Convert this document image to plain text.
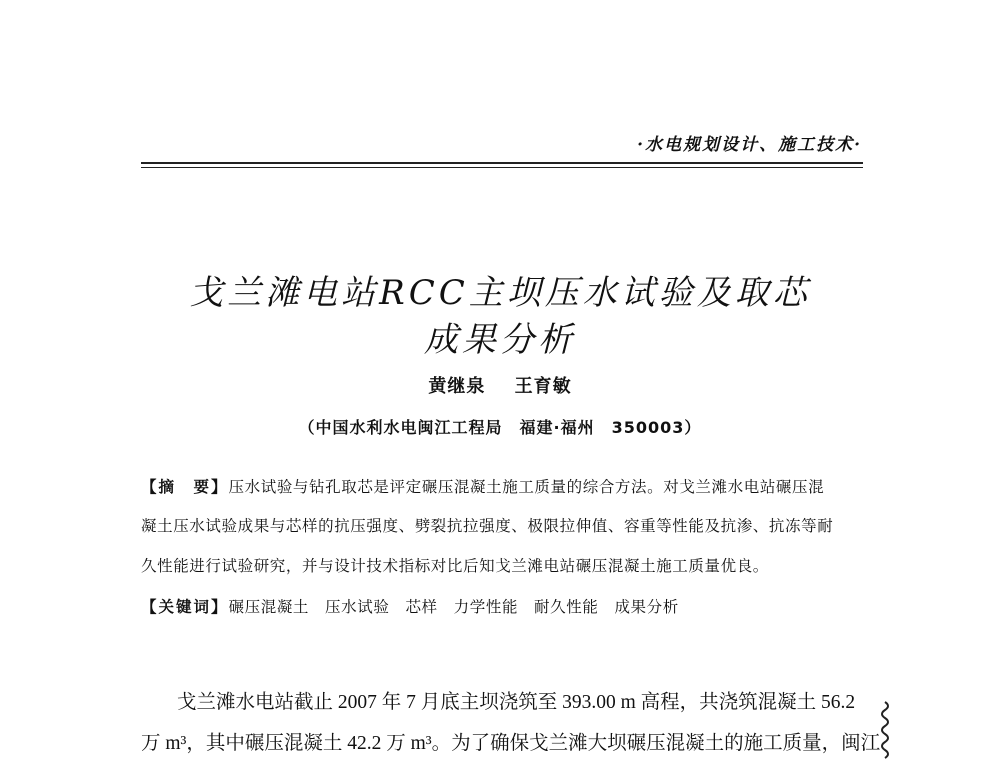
·水电规划设计、施工技术·
戈兰滩电站RCC主坝压水试验及取芯
成果分析
黄继泉 王育敏
（中国水利水电闽江工程局　福建·福州　350003）
【摘　要】压水试验与钻孔取芯是评定碾压混凝土施工质量的综合方法。对戈兰滩水电站碾压混
凝土压水试验成果与芯样的抗压强度、劈裂抗拉强度、极限拉伸值、容重等性能及抗渗、抗冻等耐
久性能进行试验研究，并与设计技术指标对比后知戈兰滩电站碾压混凝土施工质量优良。
【关键词】碾压混凝土 压水试验 芯样 力学性能 耐久性能 成果分析
戈兰滩水电站截止 2007 年 7 月底主坝浇筑至 393.00 m 高程，共浇筑混凝土 56.2
万 m³，其中碾压混凝土 42.2 万 m³。为了确保戈兰滩大坝碾压混凝土的施工质量，闽江
